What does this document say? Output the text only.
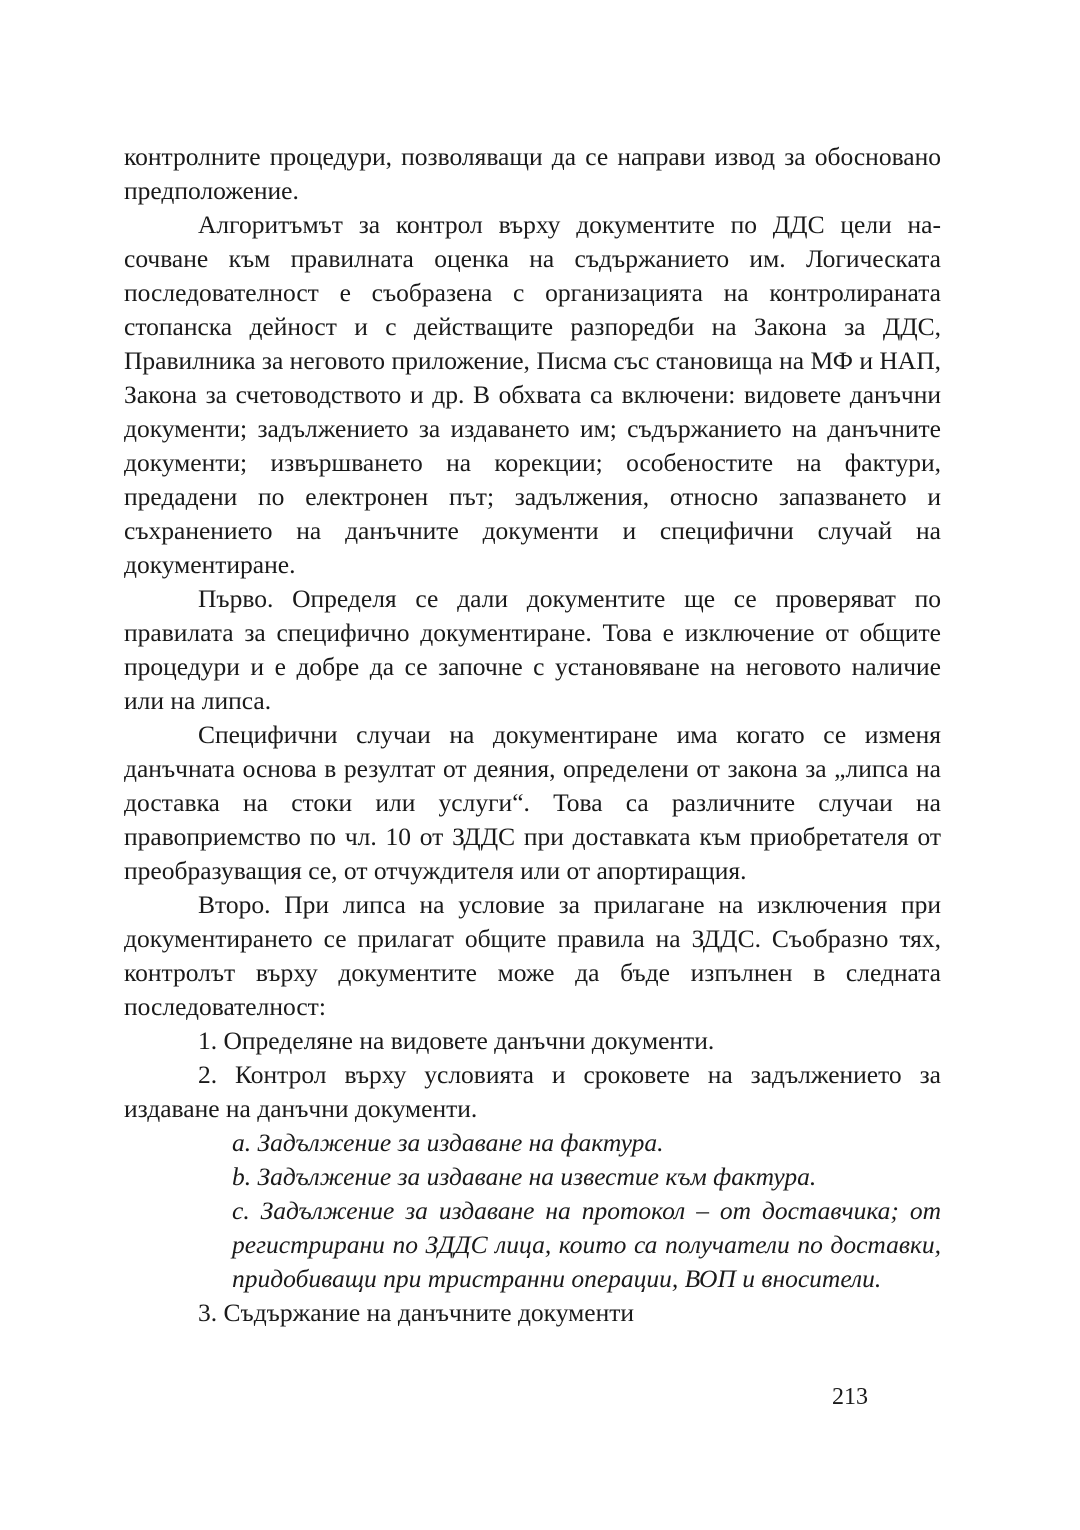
контролните процедури, позволяващи да се направи извод за обосновано предположение.

Алгоритъмът за контрол върху документите по ДДС цели насочване към правилната оценка на съдържанието им. Логическата последователност е съобразена с организацията на контролираната стопанска дейност и с действащите разпоредби на Закона за ДДС, Правилника за неговото приложение, Писма със становища на МФ и НАП, Закона за счетоводството и др. В обхвата са включени: видовете данъчни документи; задължението за издаването им; съдържанието на данъчните документи; извършването на корекции; особеностите на фактури, предадени по електронен път; задължения, относно запазването и съхранението на данъчните документи и специфични случай на документиране.

Първо. Определя се дали документите ще се проверяват по правилата за специфично документиране. Това е изключение от общите процедури и е добре да се започне с установяване на неговото наличие или на липса.

Специфични случаи на документиране има когато се изменя данъчната основа в резултат от деяния, определени от закона за „липса на доставка на стоки или услуги“. Това са различните случаи на правоприемство по чл. 10 от ЗДДС при доставката към приобретателя от преобразуващия се, от отчуждителя или от апортиращия.

Второ. При липса на условие за прилагане на изключения при документирането се прилагат общите правила на ЗДДС. Съобразно тях, контролът върху документите може да бъде изпълнен в следната последователност:

1. Определяне на видовете данъчни документи.

2. Контрол върху условията и сроковете на задължението за издаване на данъчни документи.

a. Задължение за издаване на фактура.

b. Задължение за издаване на известие към фактура.

c. Задължение за издаване на протокол – от доставчика; от регистрирани по ЗДДС лица, които са получатели по доставки, придобиващи при тристранни операции, ВОП и вносители.

3. Съдържание на данъчните документи

213
